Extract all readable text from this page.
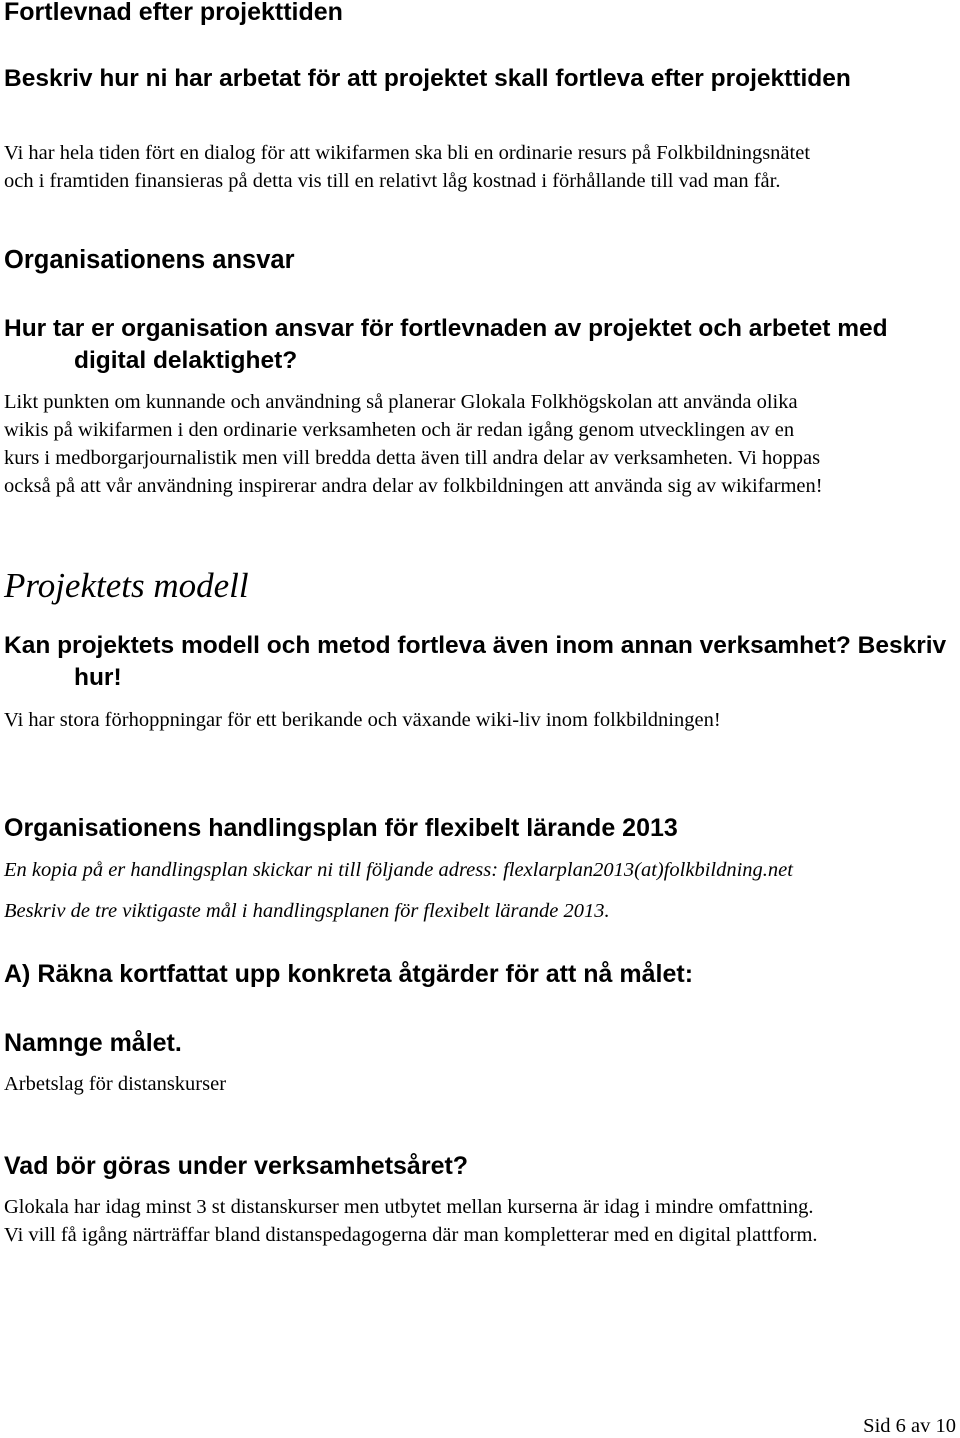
Fortlevnad efter projekttiden
Beskriv hur ni har arbetat för att projektet skall fortleva efter projekttiden
Vi har hela tiden fört en dialog för att wikifarmen ska bli en ordinarie resurs på Folkbildningsnätet
och i framtiden finansieras på detta vis till en relativt låg kostnad i förhållande till vad man får.
Organisationens ansvar
Hur tar er organisation ansvar för fortlevnaden av projektet och arbetet med digital delaktighet?
Likt punkten om kunnande och användning så planerar Glokala Folkhögskolan att använda olika
wikis på wikifarmen i den ordinarie verksamheten och är redan igång genom utvecklingen av en
kurs i medborgarjournalistik men vill bredda detta även till andra delar av verksamheten. Vi hoppas
också på att vår användning inspirerar andra delar av folkbildningen att använda sig av wikifarmen!
Projektets modell
Kan projektets modell och metod fortleva även inom annan verksamhet? Beskriv hur!
Vi har stora förhoppningar för ett berikande och växande wiki-liv inom folkbildningen!
Organisationens handlingsplan för flexibelt lärande 2013
En kopia på er handlingsplan skickar ni till följande adress: flexlarplan2013(at)folkbildning.net
Beskriv de tre viktigaste mål i handlingsplanen för flexibelt lärande 2013.
A) Räkna kortfattat upp konkreta åtgärder för att nå målet:
Namnge målet.
Arbetslag för distanskurser
Vad bör göras under verksamhetsåret?
Glokala har idag minst 3 st distanskurser men utbytet mellan kurserna är idag i mindre omfattning.
Vi vill få igång närträffar bland distanspedagogerna där man kompletterar med en digital plattform.
Sid 6 av 10
